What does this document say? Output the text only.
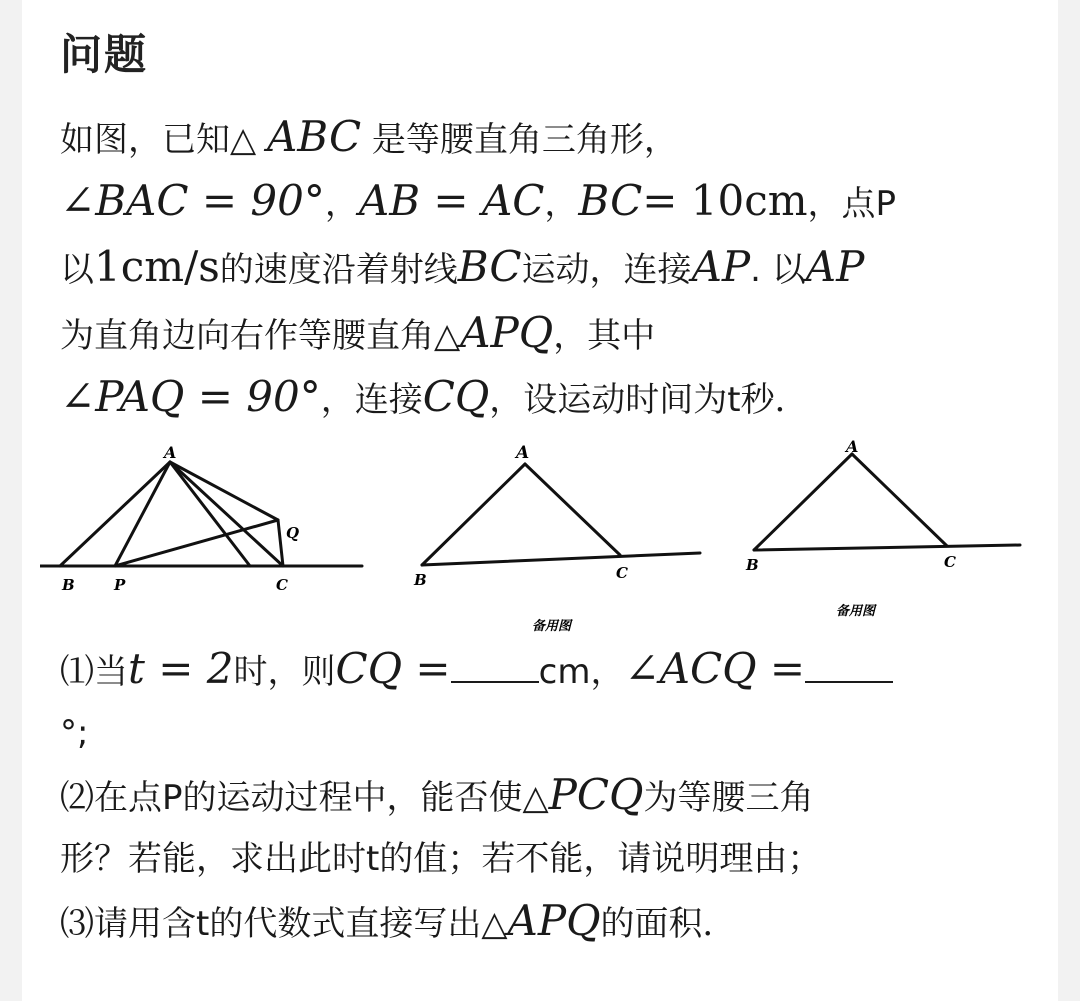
问题
如图，已知△ ABC 是等腰直角三角形，
∠BAC = 90°，AB = AC，BC= 10cm，点P
以1cm/s的速度沿着射线BC运动，连接AP. 以AP
为直角边向右作等腰直角△APQ，其中
∠PAQ = 90°，连接CQ，设运动时间为t秒．
A
B	P	C
Q
A
B	C
备用图
A
B	C
备用图
⑴当t = 2时，则CQ =	cm，∠ACQ =
°;
⑵在点P的运动过程中，能否使△PCQ为等腰三角
形？若能，求出此时t的值；若不能，请说明理由；
⑶请用含t的代数式直接写出△APQ的面积．
